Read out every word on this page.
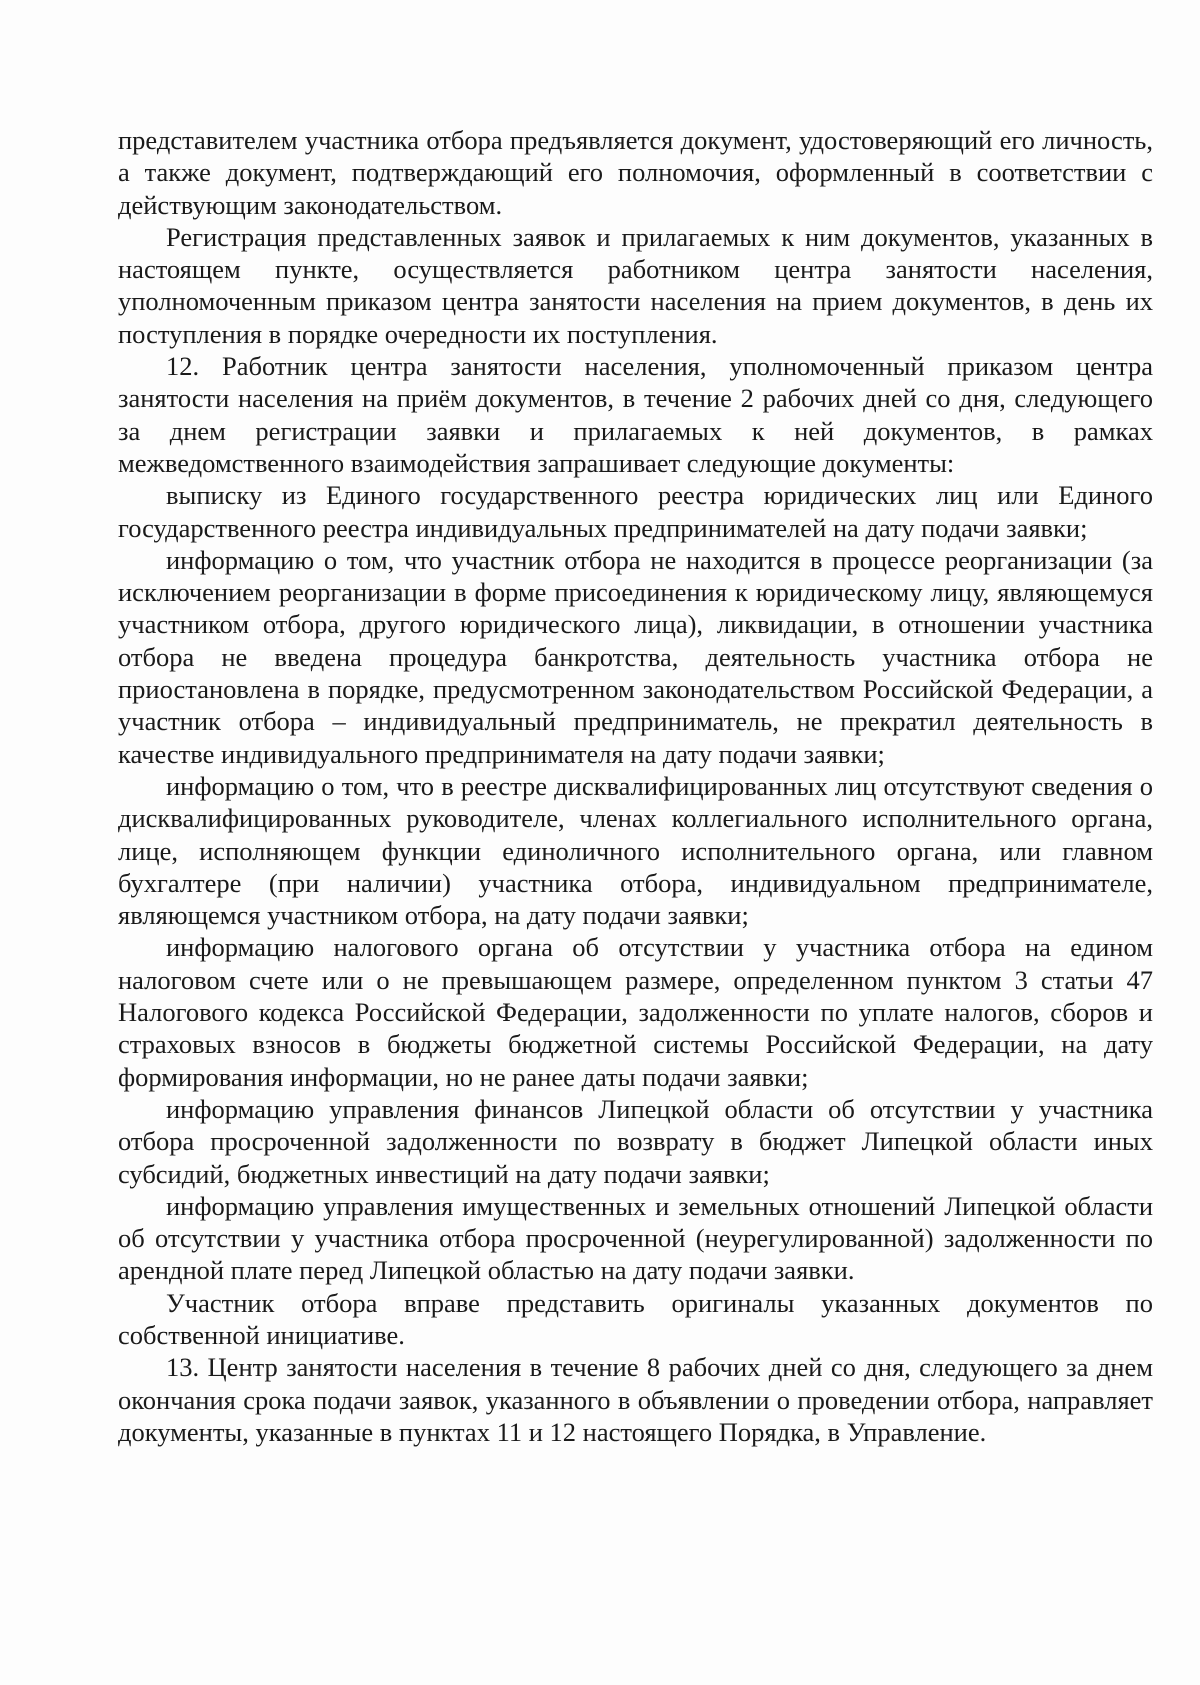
представителем участника отбора предъявляется документ, удостоверяющий его личность, а также документ, подтверждающий его полномочия, оформленный в соответствии с действующим законодательством.

Регистрация представленных заявок и прилагаемых к ним документов, указанных в настоящем пункте, осуществляется работником центра занятости населения, уполномоченным приказом центра занятости населения на прием документов, в день их поступления в порядке очередности их поступления.

12. Работник центра занятости населения, уполномоченный приказом центра занятости населения на приём документов, в течение 2 рабочих дней со дня, следующего за днем регистрации заявки и прилагаемых к ней документов, в рамках межведомственного взаимодействия запрашивает следующие документы:

выписку из Единого государственного реестра юридических лиц или Единого государственного реестра индивидуальных предпринимателей на дату подачи заявки;

информацию о том, что участник отбора не находится в процессе реорганизации (за исключением реорганизации в форме присоединения к юридическому лицу, являющемуся участником отбора, другого юридического лица), ликвидации, в отношении участника отбора не введена процедура банкротства, деятельность участника отбора не приостановлена в порядке, предусмотренном законодательством Российской Федерации, а участник отбора – индивидуальный предприниматель, не прекратил деятельность в качестве индивидуального предпринимателя на дату подачи заявки;

информацию о том, что в реестре дисквалифицированных лиц отсутствуют сведения о дисквалифицированных руководителе, членах коллегиального исполнительного органа, лице, исполняющем функции единоличного исполнительного органа, или главном бухгалтере (при наличии) участника отбора, индивидуальном предпринимателе, являющемся участником отбора, на дату подачи заявки;

информацию налогового органа об отсутствии у участника отбора на едином налоговом счете или о не превышающем размере, определенном пунктом 3 статьи 47 Налогового кодекса Российской Федерации, задолженности по уплате налогов, сборов и страховых взносов в бюджеты бюджетной системы Российской Федерации, на дату формирования информации, но не ранее даты подачи заявки;

информацию управления финансов Липецкой области об отсутствии у участника отбора просроченной задолженности по возврату в бюджет Липецкой области иных субсидий, бюджетных инвестиций на дату подачи заявки;

информацию управления имущественных и земельных отношений Липецкой области об отсутствии у участника отбора просроченной (неурегулированной) задолженности по арендной плате перед Липецкой областью на дату подачи заявки.

Участник отбора вправе представить оригиналы указанных документов по собственной инициативе.

13. Центр занятости населения в течение 8 рабочих дней со дня, следующего за днем окончания срока подачи заявок, указанного в объявлении о проведении отбора, направляет документы, указанные в пунктах 11 и 12 настоящего Порядка, в Управление.
